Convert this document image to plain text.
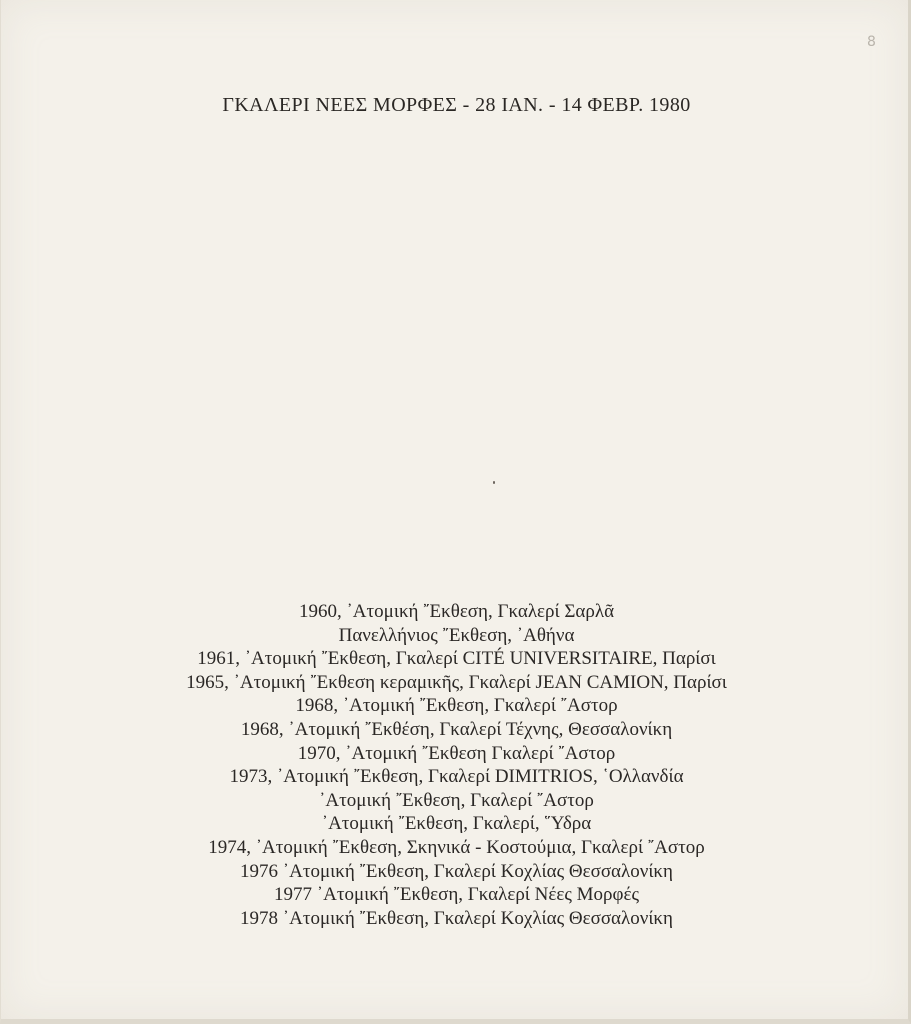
8
ΓΚΑΛΕΡΙ ΝΕΕΣ ΜΟΡΦΕΣ - 28 ΙΑΝ. - 14 ΦΕΒΡ. 1980
1960, ᾽Ατομική ῎Εκθεση, Γκαλερί Σαρλᾶ
Πανελλήνιος ῎Εκθεση, ᾽Αθήνα
1961, ᾽Ατομική ῎Εκθεση, Γκαλερί CITÉ UNIVERSITAIRE, Παρίσι
1965, ᾽Ατομική ῎Εκθεση κεραμικῆς, Γκαλερί JEAN CAMION, Παρίσι
1968, ᾽Ατομική ῎Εκθεση, Γκαλερί ῎Αστορ
1968, ᾽Ατομική ῎Εκθέση, Γκαλερί Τέχνης, Θεσσαλονίκη
1970, ᾽Ατομική ῎Εκθεση Γκαλερί ῎Αστορ
1973, ᾽Ατομική ῎Εκθεση, Γκαλερί DIMITRIOS, ῾Ολλανδία
᾽Ατομική ῎Εκθεση, Γκαλερί ῎Αστορ
᾽Ατομική ῎Εκθεση, Γκαλερί, ῞Υδρα
1974, ᾽Ατομική ῎Εκθεση, Σκηνικά - Κοστούμια, Γκαλερί ῎Αστορ
1976 ᾽Ατομική ῎Εκθεση, Γκαλερί Κοχλίας Θεσσαλονίκη
1977 ᾽Ατομική ῎Εκθεση, Γκαλερί Νέες Μορφές
1978 ᾽Ατομική ῎Εκθεση, Γκαλερί Κοχλίας Θεσσαλονίκη
